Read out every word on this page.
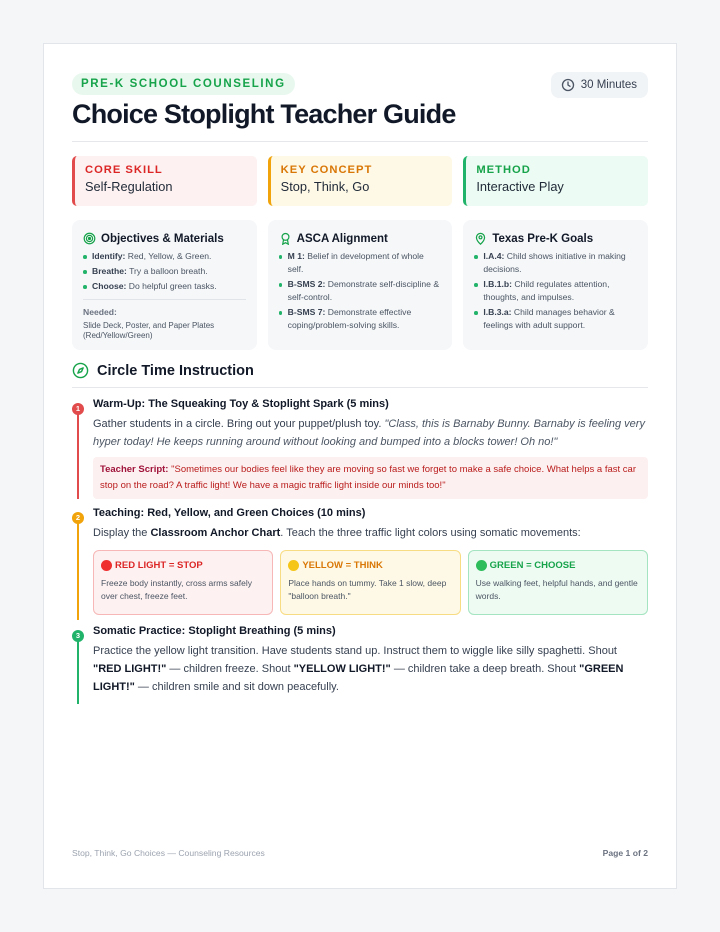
PRE-K SCHOOL COUNSELING	30 Minutes
Choice Stoplight Teacher Guide
CORE SKILL
Self-Regulation
KEY CONCEPT
Stop, Think, Go
METHOD
Interactive Play
Objectives & Materials
Identify: Red, Yellow, & Green.
Breathe: Try a balloon breath.
Choose: Do helpful green tasks.
Needed:
Slide Deck, Poster, and Paper Plates (Red/Yellow/Green)
ASCA Alignment
M 1: Belief in development of whole self.
B-SMS 2: Demonstrate self-discipline & self-control.
B-SMS 7: Demonstrate effective coping/problem-solving skills.
Texas Pre-K Goals
I.A.4: Child shows initiative in making decisions.
I.B.1.b: Child regulates attention, thoughts, and impulses.
I.B.3.a: Child manages behavior & feelings with adult support.
Circle Time Instruction
1	Warm-Up: The Squeaking Toy & Stoplight Spark (5 mins)

Gather students in a circle. Bring out your puppet/plush toy. "Class, this is Barnaby Bunny. Barnaby is feeling very hyper today! He keeps running around without looking and bumped into a blocks tower! Oh no!"

Teacher Script: "Sometimes our bodies feel like they are moving so fast we forget to make a safe choice. What helps a fast car stop on the road? A traffic light! We have a magic traffic light inside our minds too!"
2	Teaching: Red, Yellow, and Green Choices (10 mins)

Display the Classroom Anchor Chart. Teach the three traffic light colors using somatic movements:

RED LIGHT = STOP
Freeze body instantly, cross arms safely over chest, freeze feet.
YELLOW = THINK
Place hands on tummy. Take 1 slow, deep "balloon breath."
GREEN = CHOOSE
Use walking feet, helpful hands, and gentle words.
3	Somatic Practice: Stoplight Breathing (5 mins)

Practice the yellow light transition. Have students stand up. Instruct them to wiggle like silly spaghetti. Shout "RED LIGHT!" — children freeze. Shout "YELLOW LIGHT!" — children take a deep breath. Shout "GREEN LIGHT!" — children smile and sit down peacefully.

Stop, Think, Go Choices — Counseling Resources	Page 1 of 2
